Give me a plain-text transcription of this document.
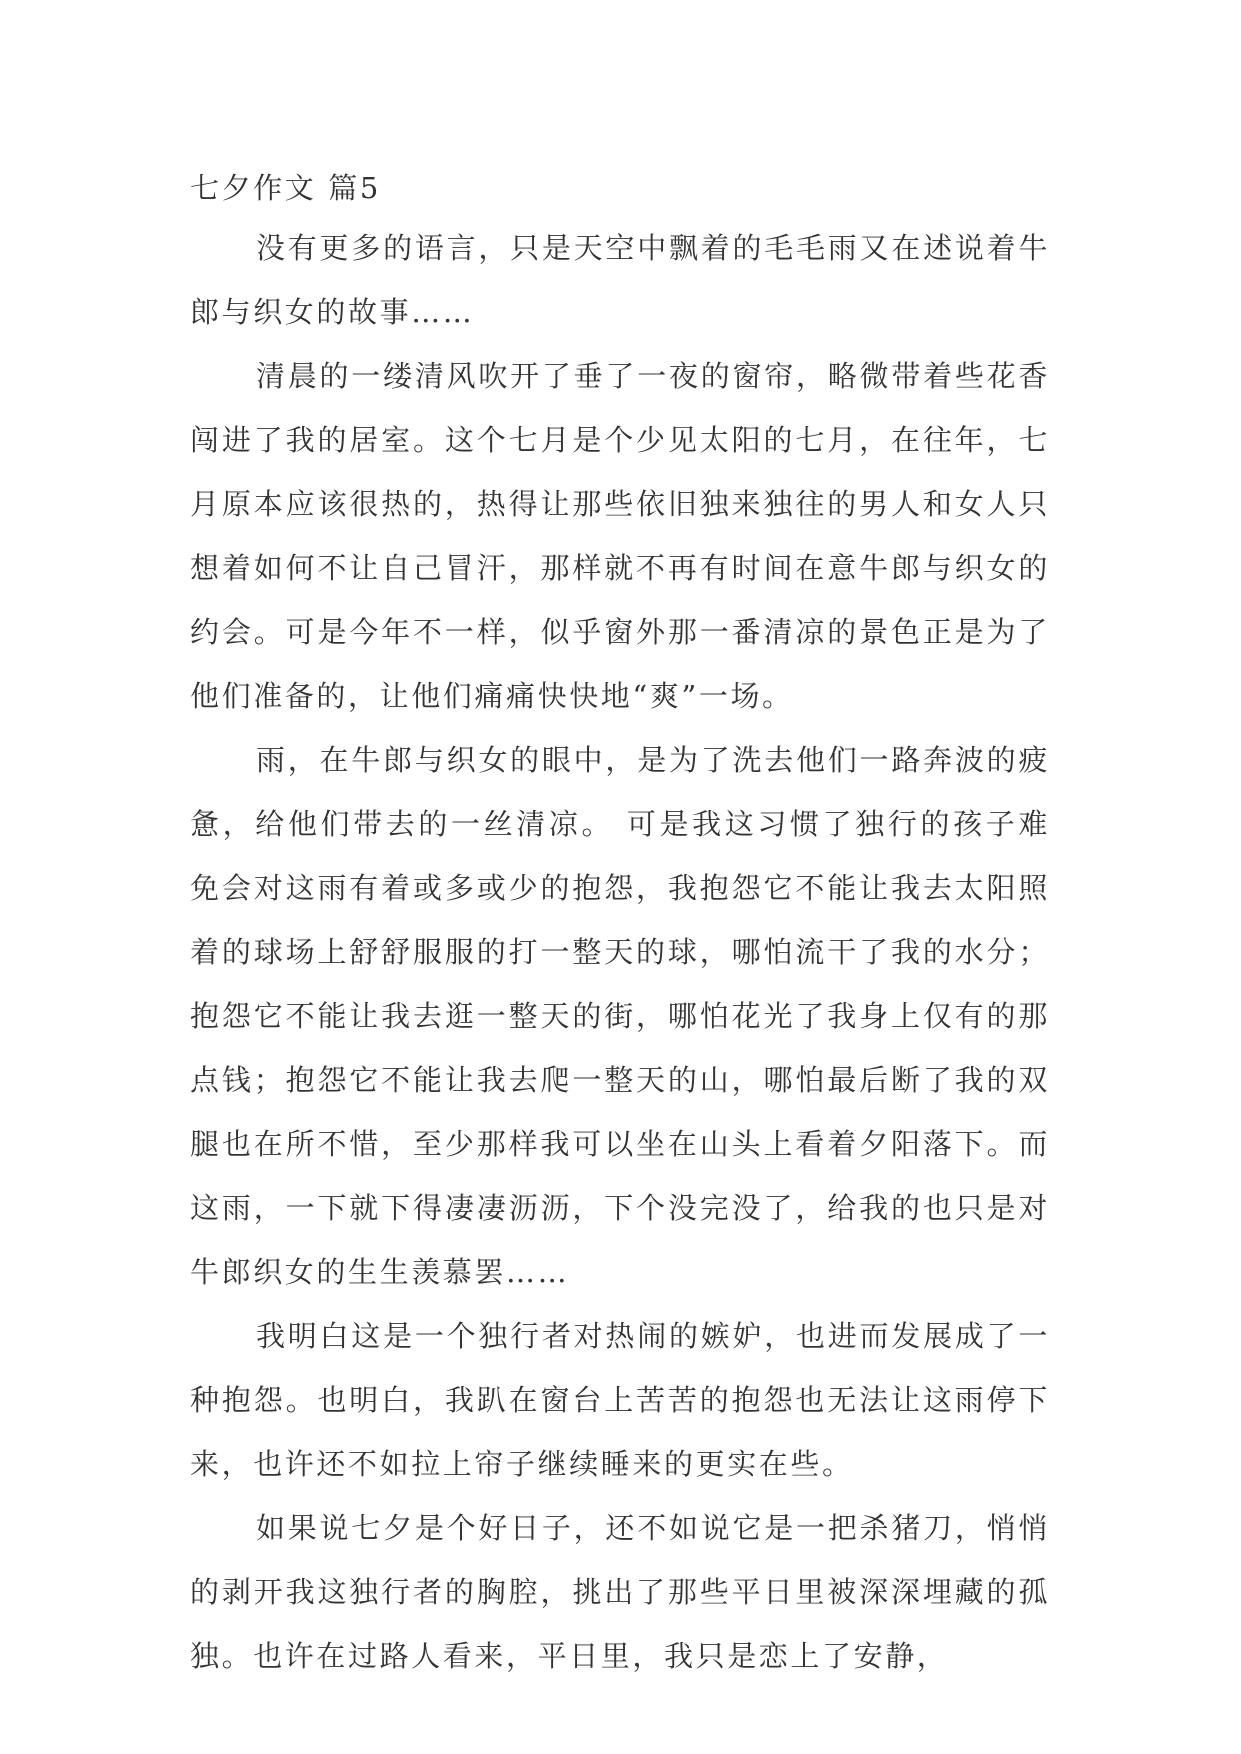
七夕作文 篇5

没有更多的语言，只是天空中飘着的毛毛雨又在述说着牛郎与织女的故事……

清晨的一缕清风吹开了垂了一夜的窗帘，略微带着些花香闯进了我的居室。这个七月是个少见太阳的七月，在往年，七月原本应该很热的，热得让那些依旧独来独往的男人和女人只想着如何不让自己冒汗，那样就不再有时间在意牛郎与织女的约会。可是今年不一样，似乎窗外那一番清凉的景色正是为了他们准备的，让他们痛痛快快地“爽”一场。

雨，在牛郎与织女的眼中，是为了洗去他们一路奔波的疲惫，给他们带去的一丝清凉。 可是我这习惯了独行的孩子难免会对这雨有着或多或少的抱怨，我抱怨它不能让我去太阳照着的球场上舒舒服服的打一整天的球，哪怕流干了我的水分；抱怨它不能让我去逛一整天的街，哪怕花光了我身上仅有的那点钱；抱怨它不能让我去爬一整天的山，哪怕最后断了我的双腿也在所不惜，至少那样我可以坐在山头上看着夕阳落下。而这雨，一下就下得凄凄沥沥，下个没完没了，给我的也只是对牛郎织女的生生羡慕罢……

我明白这是一个独行者对热闹的嫉妒，也进而发展成了一种抱怨。也明白，我趴在窗台上苦苦的抱怨也无法让这雨停下来，也许还不如拉上帘子继续睡来的更实在些。

如果说七夕是个好日子，还不如说它是一把杀猪刀，悄悄的剥开我这独行者的胸腔，挑出了那些平日里被深深埋藏的孤独。也许在过路人看来，平日里，我只是恋上了安静，
